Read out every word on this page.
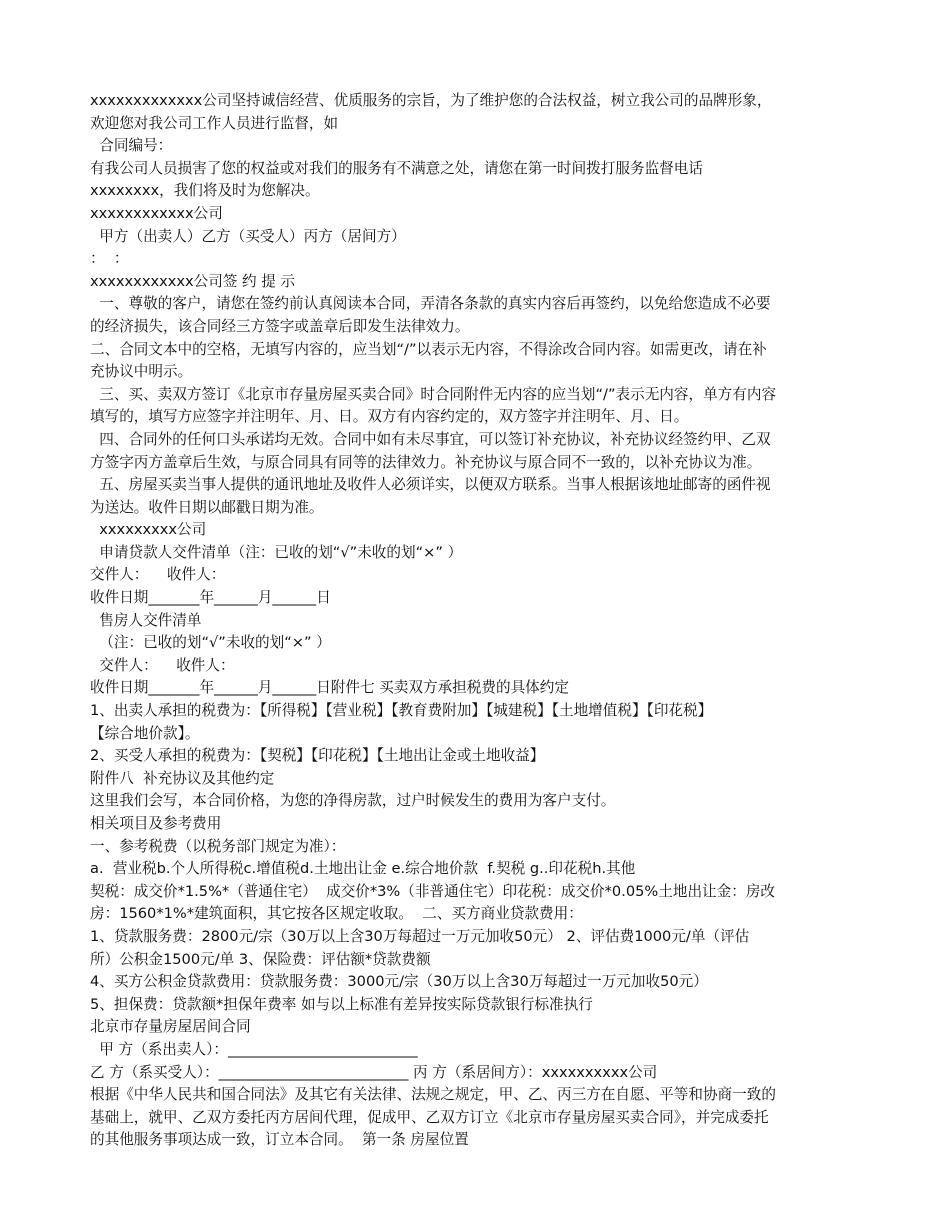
xxxxxxxxxxxxx公司坚持诚信经营、优质服务的宗旨，为了维护您的合法权益，树立我公司的品牌形象，
欢迎您对我公司工作人员进行监督，如
合同编号：
有我公司人员损害了您的权益或对我们的服务有不满意之处，请您在第一时间拨打服务监督电话
xxxxxxxx，我们将及时为您解决。
xxxxxxxxxxxx公司
甲方（出卖人）乙方（买受人）丙方（居间方）
：  ：
xxxxxxxxxxxx公司签 约 提 示
一、尊敬的客户，请您在签约前认真阅读本合同，弄清各条款的真实内容后再签约，以免给您造成不必要
的经济损失，该合同经三方签字或盖章后即发生法律效力。
二、合同文本中的空格，无填写内容的，应当划“/”以表示无内容，不得涂改合同内容。如需更改，请在补
充协议中明示。
三、买、卖双方签订《北京市存量房屋买卖合同》时合同附件无内容的应当划“/”表示无内容，单方有内容
填写的，填写方应签字并注明年、月、日。双方有内容约定的，双方签字并注明年、月、日。
四、合同外的任何口头承诺均无效。合同中如有未尽事宜，可以签订补充协议，补充协议经签约甲、乙双
方签字丙方盖章后生效，与原合同具有同等的法律效力。补充协议与原合同不一致的，以补充协议为准。
五、房屋买卖当事人提供的通讯地址及收件人必须详实，以便双方联系。当事人根据该地址邮寄的函件视
为送达。收件日期以邮戳日期为准。
xxxxxxxxx公司
申请贷款人交件清单（注：已收的划“√”未收的划“×” ）
交件人：    收件人：
收件日期_______年______月______日
售房人交件清单
（注：已收的划“√”未收的划“×” ）
交件人：    收件人：
收件日期_______年______月______日附件七 买卖双方承担税费的具体约定
1、出卖人承担的税费为：【所得税】【营业税】【教育费附加】【城建税】【土地增值税】【印花税】
【综合地价款】。
2、买受人承担的税费为：【契税】【印花税】【土地出让金或土地收益】
附件八  补充协议及其他约定
这里我们会写，本合同价格，为您的净得房款，过户时候发生的费用为客户支付。
相关项目及参考费用
一、参考税费（以税务部门规定为准）：
a.  营业税b.个人所得税c.增值税d.土地出让金 e.综合地价款  f.契税 g..印花税h.其他
契税：成交价*1.5%*（普通住宅）  成交价*3%（非普通住宅）印花税：成交价*0.05%土地出让金：房改
房：1560*1%*建筑面积，其它按各区规定收取。  二、买方商业贷款费用：
1、贷款服务费：2800元/宗（30万以上含30万每超过一万元加收50元） 2、评估费1000元/单（评估
所）公积金1500元/单 3、保险费：评估额*贷款费额
4、买方公积金贷款费用：贷款服务费：3000元/宗（30万以上含30万每超过一万元加收50元）
5、担保费：贷款额*担保年费率 如与以上标准有差异按实际贷款银行标准执行
北京市存量房屋居间合同
甲 方（系出卖人）：__________________________
乙 方（系买受人）：__________________________ 丙 方（系居间方）：xxxxxxxxxx公司
根据《中华人民共和国合同法》及其它有关法律、法规之规定，甲、乙、丙三方在自愿、平等和协商一致的
基础上，就甲、乙双方委托丙方居间代理，促成甲、乙双方订立《北京市存量房屋买卖合同》，并完成委托
的其他服务事项达成一致，订立本合同。  第一条 房屋位置
